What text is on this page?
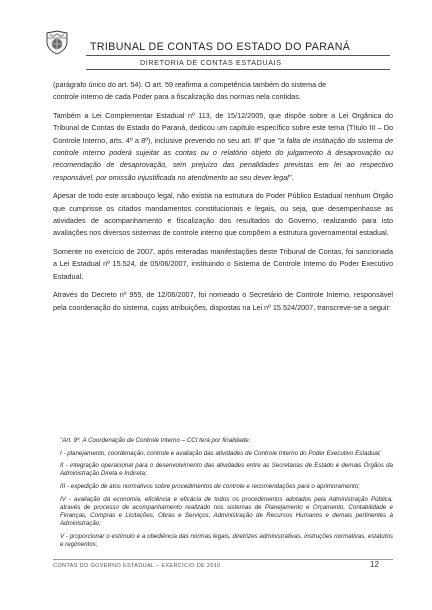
TRIBUNAL DE CONTAS DO ESTADO DO PARANÁ
DIRETORIA DE CONTAS ESTADUAIS

(parágrafo único do art. 54). O art. 59 reafirma a competência também do sistema de
controle interno de cada Poder para a fiscalização das normas nela contidas.

Também a Lei Complementar Estadual nº 113, de 15/12/2005, que dispõe sobre a Lei Orgânica do Tribunal de Contas do Estado do Paraná, dedicou um capítulo específico sobre este tema (Título III – Do Controle Interno, arts. 4º a 8º), inclusive prevendo no seu art. 8º que "a falta de instituição do sistema de controle interno poderá sujeitar as contas ou o relatório objeto do julgamento à desaprovação ou recomendação de desaprovação, sem prejuízo das penalidades previstas em lei ao respectivo responsável, por omissão injustificada no atendimento ao seu dever legal".

Apesar de todo este arcabouço legal, não existia na estrutura do Poder Público Estadual nenhum Órgão que cumprisse os citados mandamentos constitucionais e legais, ou seja, que desempenhasse as atividades de acompanhamento e fiscalização dos resultados do Governo, realizando para isto avaliações nos diversos sistemas de controle interno que compõem a estrutura governamental estadual.

Somente no exercício de 2007, após reiteradas manifestações deste Tribunal de Contas, foi sancionada a Lei Estadual nº 15.524, de 05/06/2007, instituindo o Sistema de Controle Interno do Poder Executivo Estadual.

Através do Decreto nº 955, de 12/06/2007, foi nomeado o Secretário de Controle Interno, responsável pela coordenação do sistema, cujas atribuições, dispostas na Lei nº 15.524/2007, transcreve-se a seguir:

"Art. 9º. A Coordenação de Controle Interno – CCI terá por finalidade:

I - planejamento, coordenação, controle e avaliação das atividades de Controle Interno do Poder Executivo Estadual;

II - integração operacional para o desenvolvimento das atividades entre as Secretarias de Estado e demais Órgãos da Administração Direta e Indireta;

III - expedição de atos normativos sobre procedimentos de controle e recomendações para o aprimoramento;

IV - avaliação da economia, eficiência e eficácia de todos os procedimentos adotados pela Administração Pública, através de processo de acompanhamento realizado nos sistemas de Planejamento e Orçamento, Contabilidade e Finanças, Compras e Licitações, Obras e Serviços, Administração de Recursos Humanos e demais pertinentes à Administração;

V - proporcionar o estímulo e a obediência das normas legais, diretrizes administrativas, instruções normativas, estatutos e regimentos;

CONTAS DO GOVERNO ESTADUAL – EXERCÍCIO DE 2010	12
